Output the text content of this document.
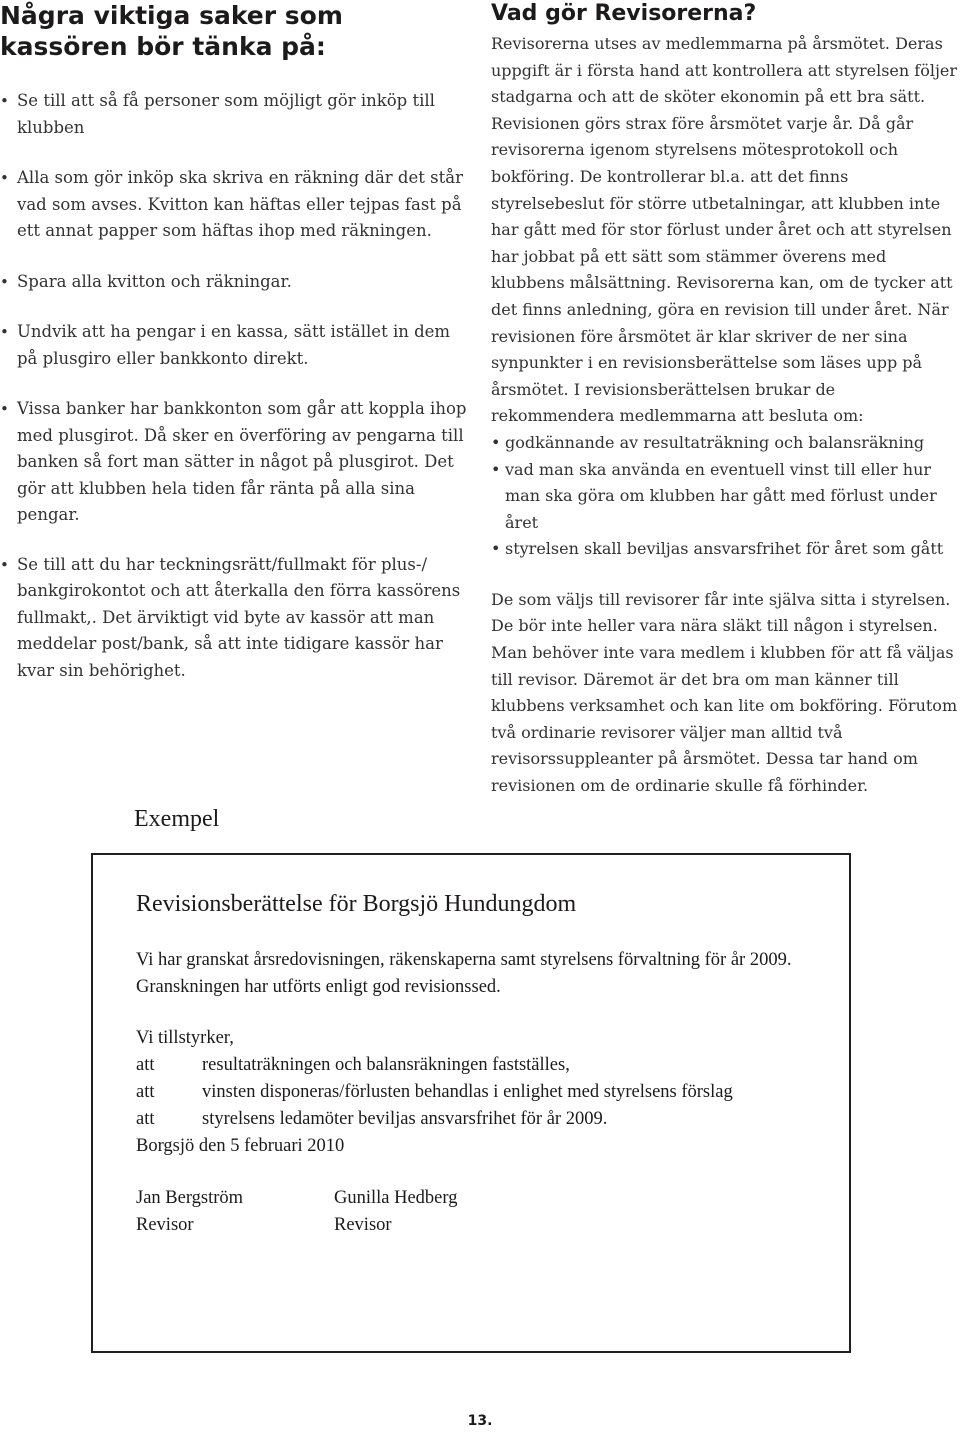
Några viktiga saker som kassören bör tänka på:
• Se till att så få personer som möjligt gör inköp till klubben
• Alla som gör inköp ska skriva en räkning där det står vad som avses. Kvitton kan häftas eller tejpas fast på ett annat papper som häftas ihop med räkningen.
• Spara alla kvitton och räkningar.
• Undvik att ha pengar i en kassa, sätt istället in dem på plusgiro eller bankkonto direkt.
• Vissa banker har bankkonton som går att koppla ihop med plusgirot. Då sker en överföring av pengarna till banken så fort man sätter in något på plusgirot. Det gör att klubben hela tiden får ränta på alla sina pengar.
• Se till att du har teckningsrätt/fullmakt för plus-/ bankgirokontot och att återkalla den förra kassörens fullmakt,. Det ärviktigt vid byte av kassör att man meddelar post/bank, så att inte tidigare kassör har kvar sin behörighet.
Vad gör Revisorerna?

Revisorerna utses av medlemmarna på årsmötet. Deras uppgift är i första hand att kontrollera att styrelsen följer stadgarna och att de sköter ekonomin på ett bra sätt. Revisionen görs strax före årsmötet varje år. Då går revisorerna igenom styrelsens mötesprotokoll och bokföring. De kontrollerar bl.a. att det finns styrelsebeslut för större utbetalningar, att klubben inte har gått med för stor förlust under året och att styrelsen har jobbat på ett sätt som stämmer överens med klubbens målsättning. Revisorerna kan, om de tycker att det finns anledning, göra en revision till under året. När revisionen före årsmötet är klar skriver de ner sina synpunkter i en revisionsberättelse som läses upp på årsmötet. I revisionsberättelsen brukar de rekommendera medlemmarna att besluta om:

• godkännande av resultaträkning och balansräkning
• vad man ska använda en eventuell vinst till eller hur man ska göra om klubben har gått med förlust under året
• styrelsen skall beviljas ansvarsfrihet för året som gått

De som väljs till revisorer får inte själva sitta i styrelsen. De bör inte heller vara nära släkt till någon i styrelsen. Man behöver inte vara medlem i klubben för att få väljas till revisor. Däremot är det bra om man känner till klubbens verksamhet och kan lite om bokföring. Förutom två ordinarie revisorer väljer man alltid två revisorssuppleanter på årsmötet. Dessa tar hand om revisionen om de ordinarie skulle få förhinder.

Exempel
Revisionsberättelse för Borgsjö Hundungdom

Vi har granskat årsredovisningen, räkenskaperna samt styrelsens förvaltning för år 2009. Granskningen har utförts enligt god revisionssed.

Vi tillstyrker,

att	resultaträkningen och balansräkningen fastställes,
att	vinsten disponeras/förlusten behandlas i enlighet med styrelsens förslag
att	styrelsens ledamöter beviljas ansvarsfrihet för år 2009.

Borgsjö den 5 februari 2010

Jan Bergström
Revisor
Gunilla Hedberg
Revisor
13.
